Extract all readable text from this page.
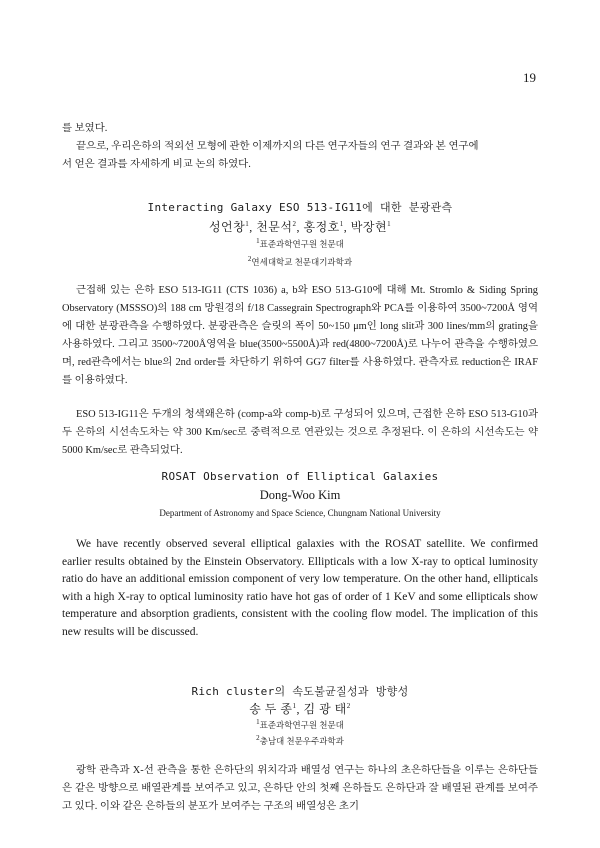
19
를 보였다.
끝으로, 우리은하의 적외선 모형에 관한 이제까지의 다른 연구자들의 연구 결과와 본 연구에
서 얻은 결과를 자세하게 비교 논의 하였다.
Interacting Galaxy ESO 513-IG11에 대한 분광관측
성언창$^1$, 천문석$^2$, 홍정호$^1$, 박장현$^1$
$^1$표준과학연구원 천문대
$^2$연세대학교 천문대기과학과

근접해 있는 은하 ESO 513-IG11 (CTS 1036) a, b와 ESO 513-G10에 대해 Mt. Stromlo & Siding Spring Observatory (MSSSO)의 188 cm 망원경의 f/18 Cassegrain Spectrograph와 PCA를 이용하여 3500~7200Å 영역에 대한 분광관측을 수행하였다. 분광관측은 슬릿의 폭이 50~150 μm인 long slit과 300 lines/mm의 grating을 사용하였다. 그리고 3500~7200Å영역을 blue(3500~5500Å)과 red(4800~7200Å)로 나누어 관측을 수행하였으며, red관측에서는 blue의 2nd order를 차단하기 위하여 GG7 filter를 사용하였다. 관측자료 reduction은 IRAF를 이용하였다.

ESO 513-IG11은 두개의 청색왜은하 (comp-a와 comp-b)로 구성되어 있으며, 근접한 은하 ESO 513-G10과 두 은하의 시선속도차는 약 300 Km/sec로 중력적으로 연관있는 것으로 추정된다. 이 은하의 시선속도는 약 5000 Km/sec로 관측되었다.

ROSAT Observation of Elliptical Galaxies
Dong-Woo Kim
Department of Astronomy and Space Science, Chungnam National University

We have recently observed several elliptical galaxies with the ROSAT satellite. We confirmed earlier results obtained by the Einstein Observatory. Ellipticals with a low X-ray to optical luminosity ratio do have an additional emission component of very low temperature. On the other hand, ellipticals with a high X-ray to optical luminosity ratio have hot gas of order of 1 KeV and some ellipticals show temperature and absorption gradients, consistent with the cooling flow model. The implication of this new results will be discussed.

Rich cluster의 속도불균질성과 방향성
송 두 종$^1$, 김 광 태$^2$
$^1$표준과학연구원 천문대
$^2$충남대 천문우주과학과

광학 관측과 X-선 관측을 통한 은하단의 위치각과 배열성 연구는 하나의 초은하단들을 이루는 은하단들은 같은 방향으로 배열관계를 보여주고 있고, 은하단 안의 첫째 은하들도 은하단과 잘 배열된 관계를 보여주고 있다. 이와 같은 은하들의 분포가 보여주는 구조의 배열성은 초기
